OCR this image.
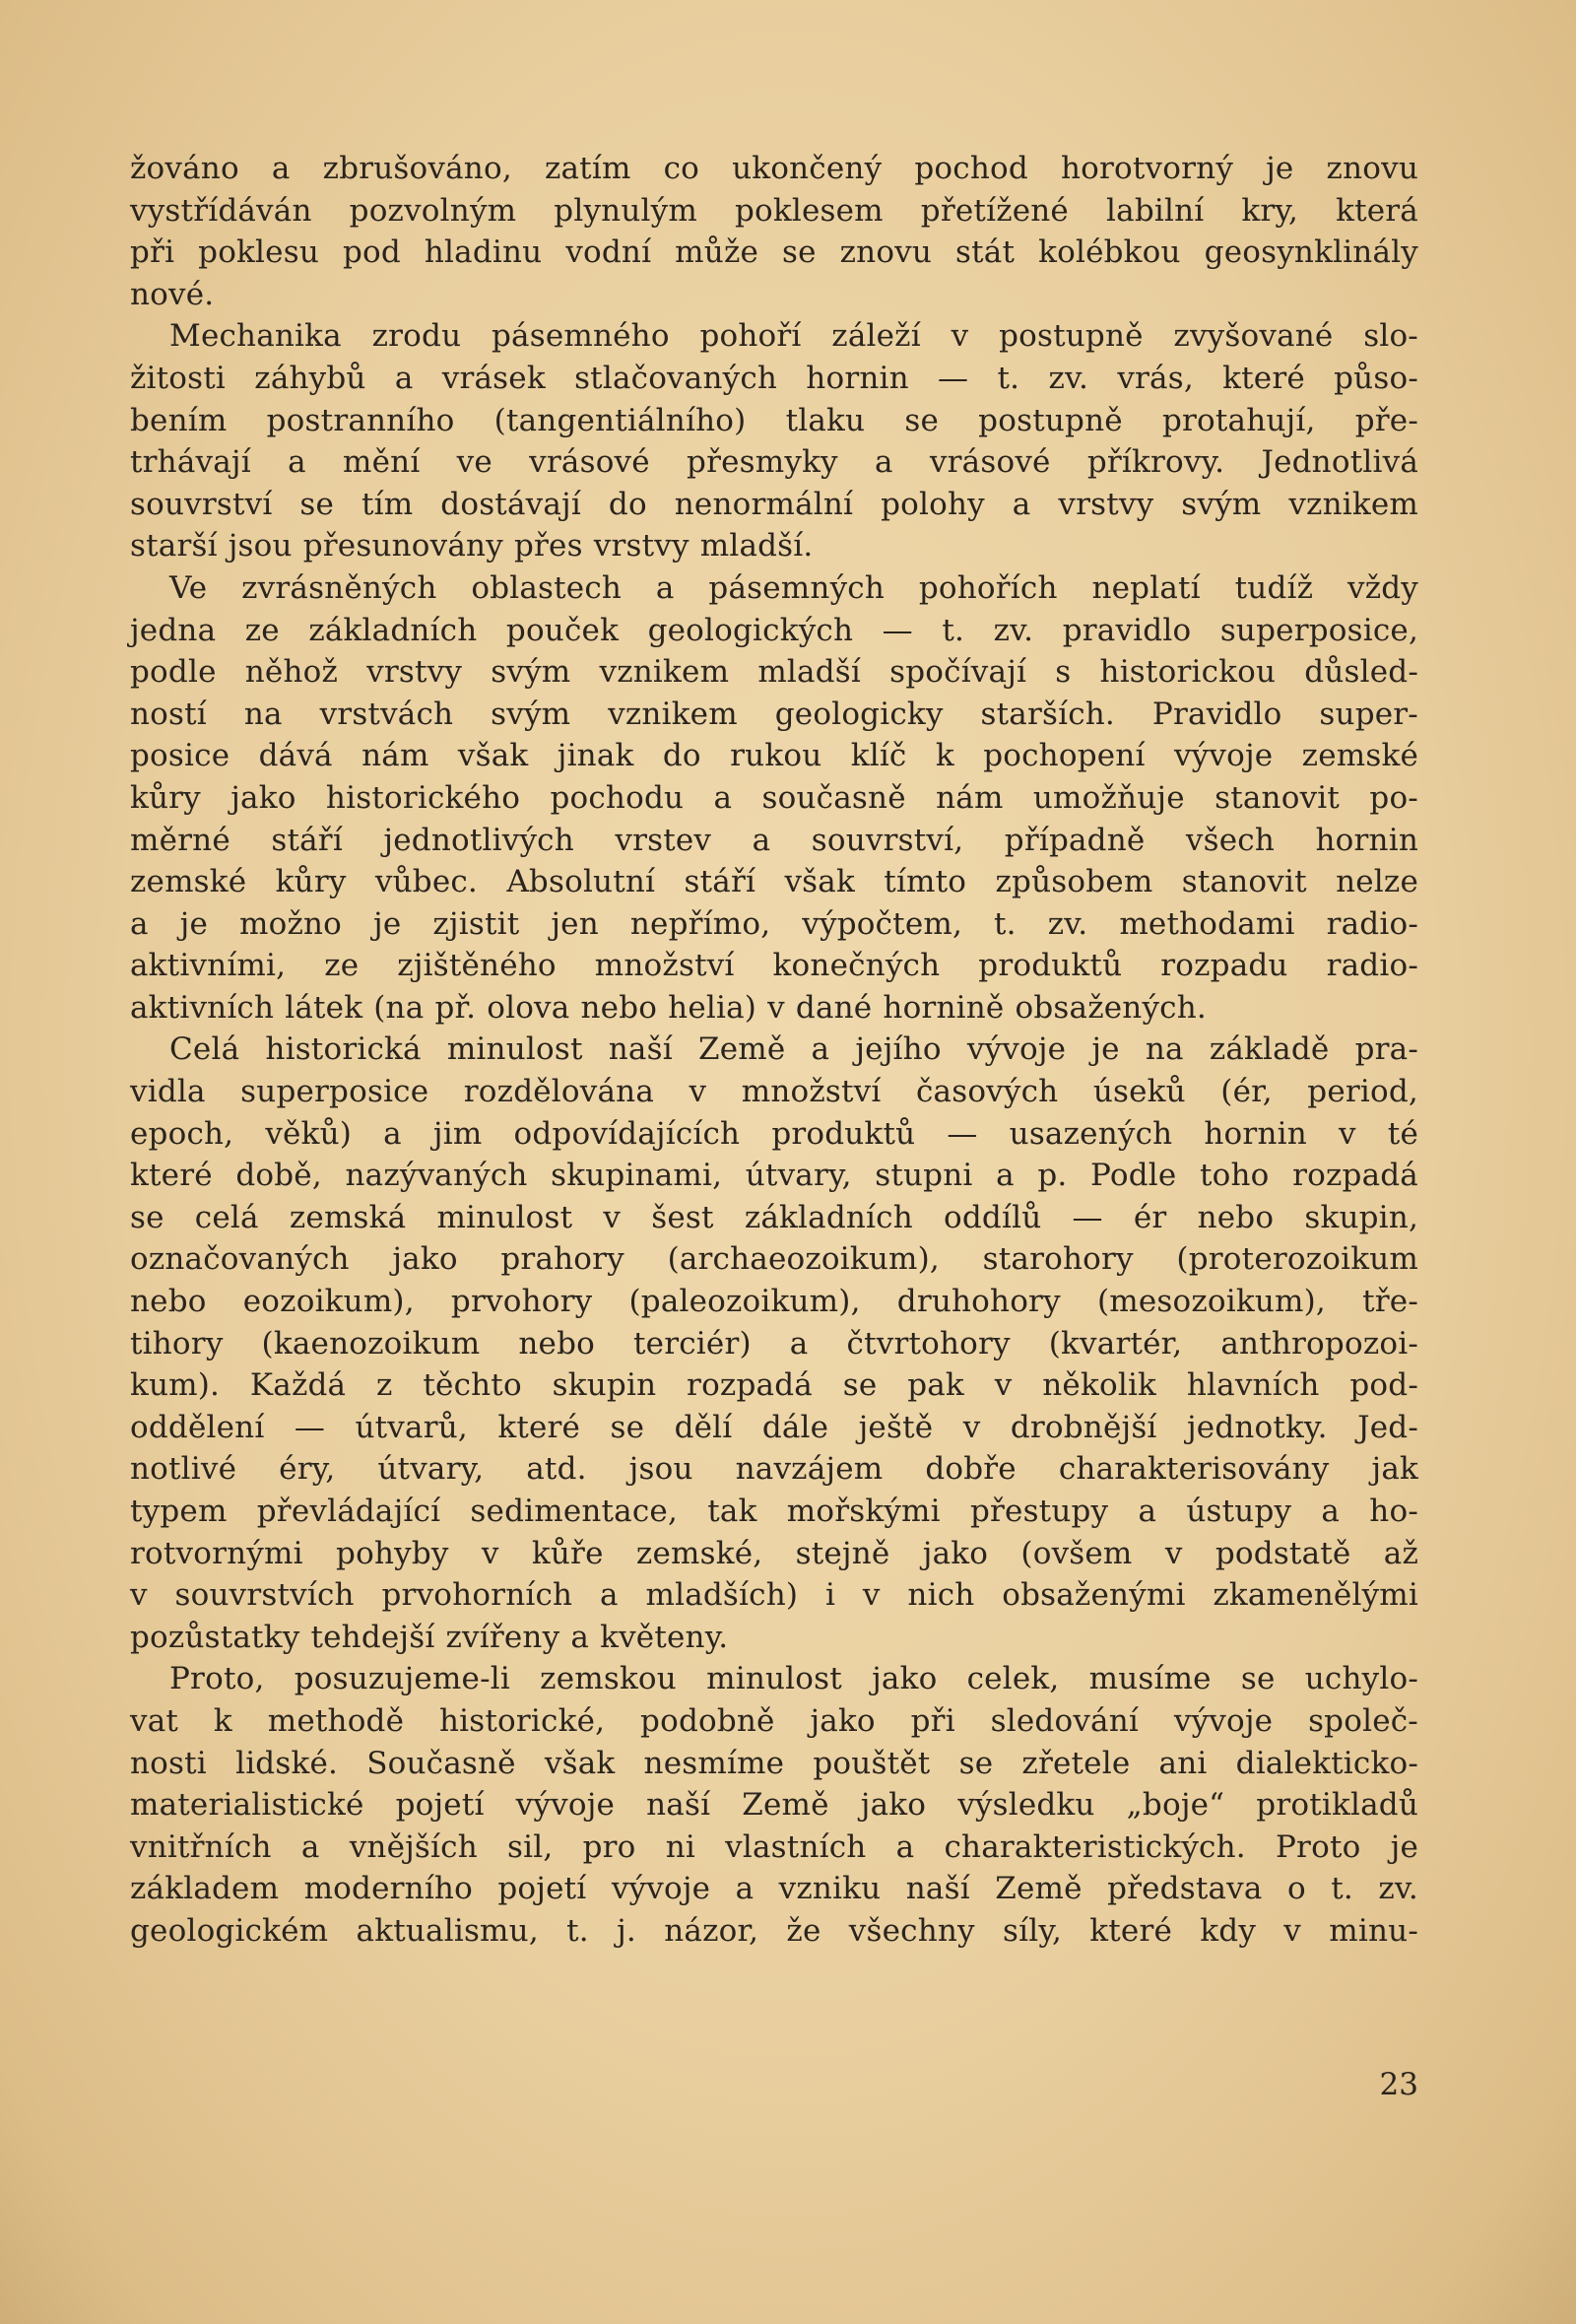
žováno a zbrušováno, zatím co ukončený pochod horotvorný je znovu
vystřídáván pozvolným plynulým poklesem přetížené labilní kry, která
při poklesu pod hladinu vodní může se znovu stát kolébkou geosynklinály
nové.
Mechanika zrodu pásemného pohoří záleží v postupně zvyšované slo-
žitosti záhybů a vrásek stlačovaných hornin — t. zv. vrás, které půso-
bením postranního (tangentiálního) tlaku se postupně protahují, pře-
trhávají a mění ve vrásové přesmyky a vrásové příkrovy. Jednotlivá
souvrství se tím dostávají do nenormální polohy a vrstvy svým vznikem
starší jsou přesunovány přes vrstvy mladší.
Ve zvrásněných oblastech a pásemných pohořích neplatí tudíž vždy
jedna ze základních pouček geologických — t. zv. pravidlo superposice,
podle něhož vrstvy svým vznikem mladší spočívají s historickou důsled-
ností na vrstvách svým vznikem geologicky starších. Pravidlo super-
posice dává nám však jinak do rukou klíč k pochopení vývoje zemské
kůry jako historického pochodu a současně nám umožňuje stanovit po-
měrné stáří jednotlivých vrstev a souvrství, případně všech hornin
zemské kůry vůbec. Absolutní stáří však tímto způsobem stanovit nelze
a je možno je zjistit jen nepřímo, výpočtem, t. zv. methodami radio-
aktivními, ze zjištěného množství konečných produktů rozpadu radio-
aktivních látek (na př. olova nebo helia) v dané hornině obsažených.
Celá historická minulost naší Země a jejího vývoje je na základě pra-
vidla superposice rozdělována v množství časových úseků (ér, period,
epoch, věků) a jim odpovídajících produktů — usazených hornin v té
které době, nazývaných skupinami, útvary, stupni a p. Podle toho rozpadá
se celá zemská minulost v šest základních oddílů — ér nebo skupin,
označovaných jako prahory (archaeozoikum), starohory (proterozoikum
nebo eozoikum), prvohory (paleozoikum), druhohory (mesozoikum), tře-
tihory (kaenozoikum nebo terciér) a čtvrtohory (kvartér, anthropozoi-
kum). Každá z těchto skupin rozpadá se pak v několik hlavních pod-
oddělení — útvarů, které se dělí dále ještě v drobnější jednotky. Jed-
notlivé éry, útvary, atd. jsou navzájem dobře charakterisovány jak
typem převládající sedimentace, tak mořskými přestupy a ústupy a ho-
rotvornými pohyby v kůře zemské, stejně jako (ovšem v podstatě až
v souvrstvích prvohorních a mladších) i v nich obsaženými zkamenělými
pozůstatky tehdejší zvířeny a květeny.
Proto, posuzujeme-li zemskou minulost jako celek, musíme se uchylo-
vat k methodě historické, podobně jako při sledování vývoje společ-
nosti lidské. Současně však nesmíme pouštět se zřetele ani dialekticko-
materialistické pojetí vývoje naší Země jako výsledku „boje“ protikladů
vnitřních a vnějších sil, pro ni vlastních a charakteristických. Proto je
základem moderního pojetí vývoje a vzniku naší Země představa o t. zv.
geologickém aktualismu, t. j. názor, že všechny síly, které kdy v minu-
23
